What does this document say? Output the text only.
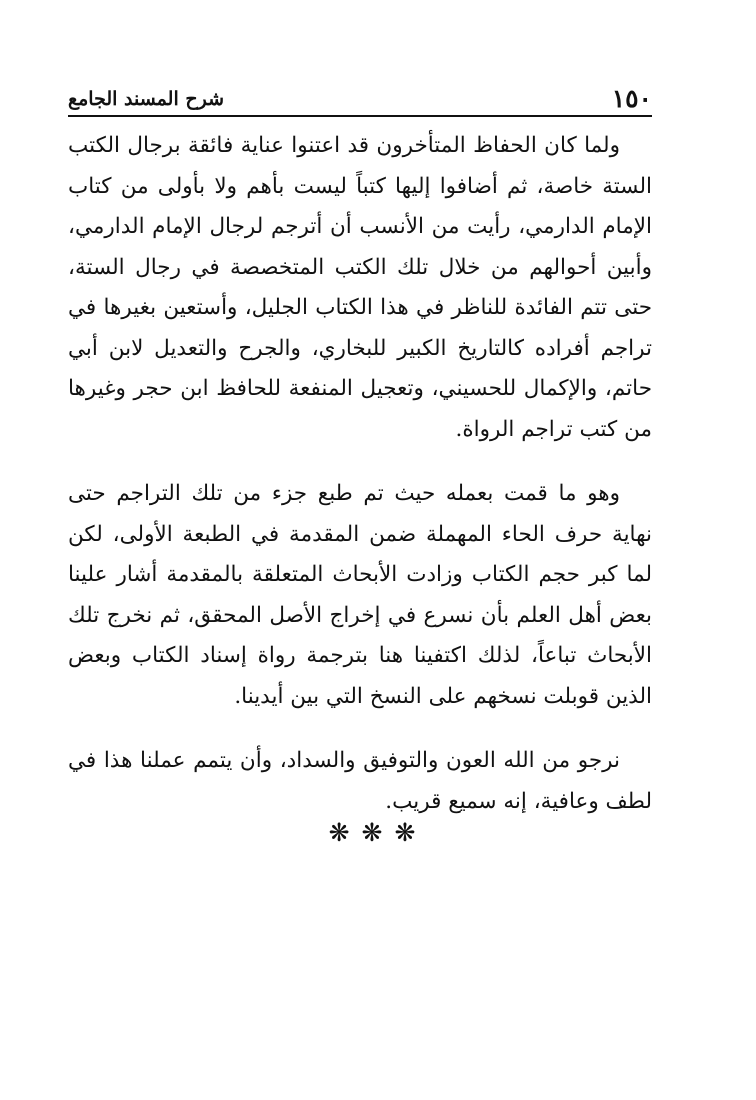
١٥٠
شرح المسند الجامع

ولما كان الحفاظ المتأخرون قد اعتنوا عناية فائقة برجال الكتب الستة خاصة، ثم أضافوا إليها كتباً ليست بأهم ولا بأولى من كتاب الإمام الدارمي، رأيت من الأنسب أن أترجم لرجال الإمام الدارمي، وأبين أحوالهم من خلال تلك الكتب المتخصصة في رجال الستة، حتى تتم الفائدة للناظر في هذا الكتاب الجليل، وأستعين بغيرها في تراجم أفراده كالتاريخ الكبير للبخاري، والجرح والتعديل لابن أبي حاتم، والإكمال للحسيني، وتعجيل المنفعة للحافظ ابن حجر وغيرها من كتب تراجم الرواة.

وهو ما قمت بعمله حيث تم طبع جزء من تلك التراجم حتى نهاية حرف الحاء المهملة ضمن المقدمة في الطبعة الأولى، لكن لما كبر حجم الكتاب وزادت الأبحاث المتعلقة بالمقدمة أشار علينا بعض أهل العلم بأن نسرع في إخراج الأصل المحقق، ثم نخرج تلك الأبحاث تباعاً، لذلك اكتفينا هنا بترجمة رواة إسناد الكتاب وبعض الذين قوبلت نسخهم على النسخ التي بين أيدينا.

نرجو من الله العون والتوفيق والسداد، وأن يتمم عملنا هذا في لطف وعافية، إنه سميع قريب.

❋❋❋
